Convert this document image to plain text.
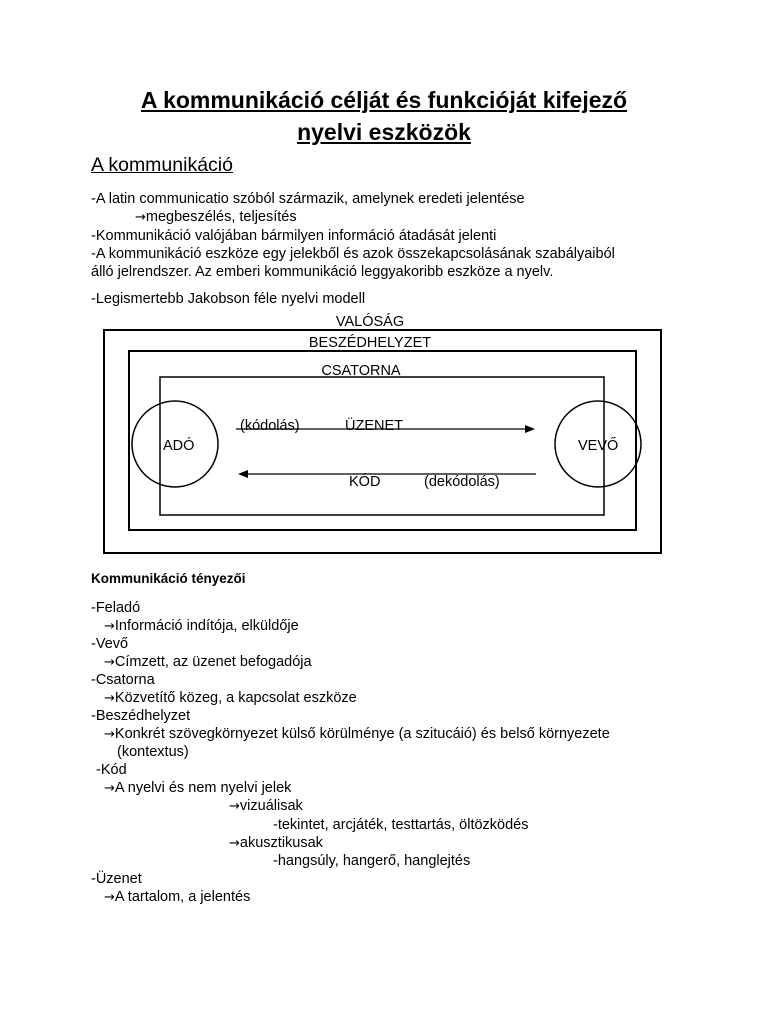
A kommunikáció célját és funkcióját kifejező
nyelvi eszközök
A kommunikáció
-A latin communicatio szóból származik, amelynek eredeti jelentése
→megbeszélés, teljesítés
-Kommunikáció valójában bármilyen információ átadását jelenti
-A kommunikáció eszköze egy jelekből és azok összekapcsolásának szabályaiból
álló jelrendszer. Az emberi kommunikáció leggyakoribb eszköze a nyelv.
-Legismertebb Jakobson féle nyelvi modell
VALÓSÁG
BESZÉDHELYZET
CSATORNA
ADÓ	VEVŐ
(kódolás)	ÜZENET
KÓD	(dekódolás)
Kommunikáció tényezői
-Feladó
→Információ indítója, elküldője
-Vevő
→Címzett, az üzenet befogadója
-Csatorna
→Közvetítő közeg, a kapcsolat eszköze
-Beszédhelyzet
→Konkrét szövegkörnyezet külső körülménye (a szitucáió) és belső környezete
(kontextus)
-Kód
→A nyelvi és nem nyelvi jelek
→vizuálisak
-tekintet, arcjáték, testtartás, öltözködés
→akusztikusak
-hangsúly, hangerő, hanglejtés
-Üzenet
→A tartalom, a jelentés
